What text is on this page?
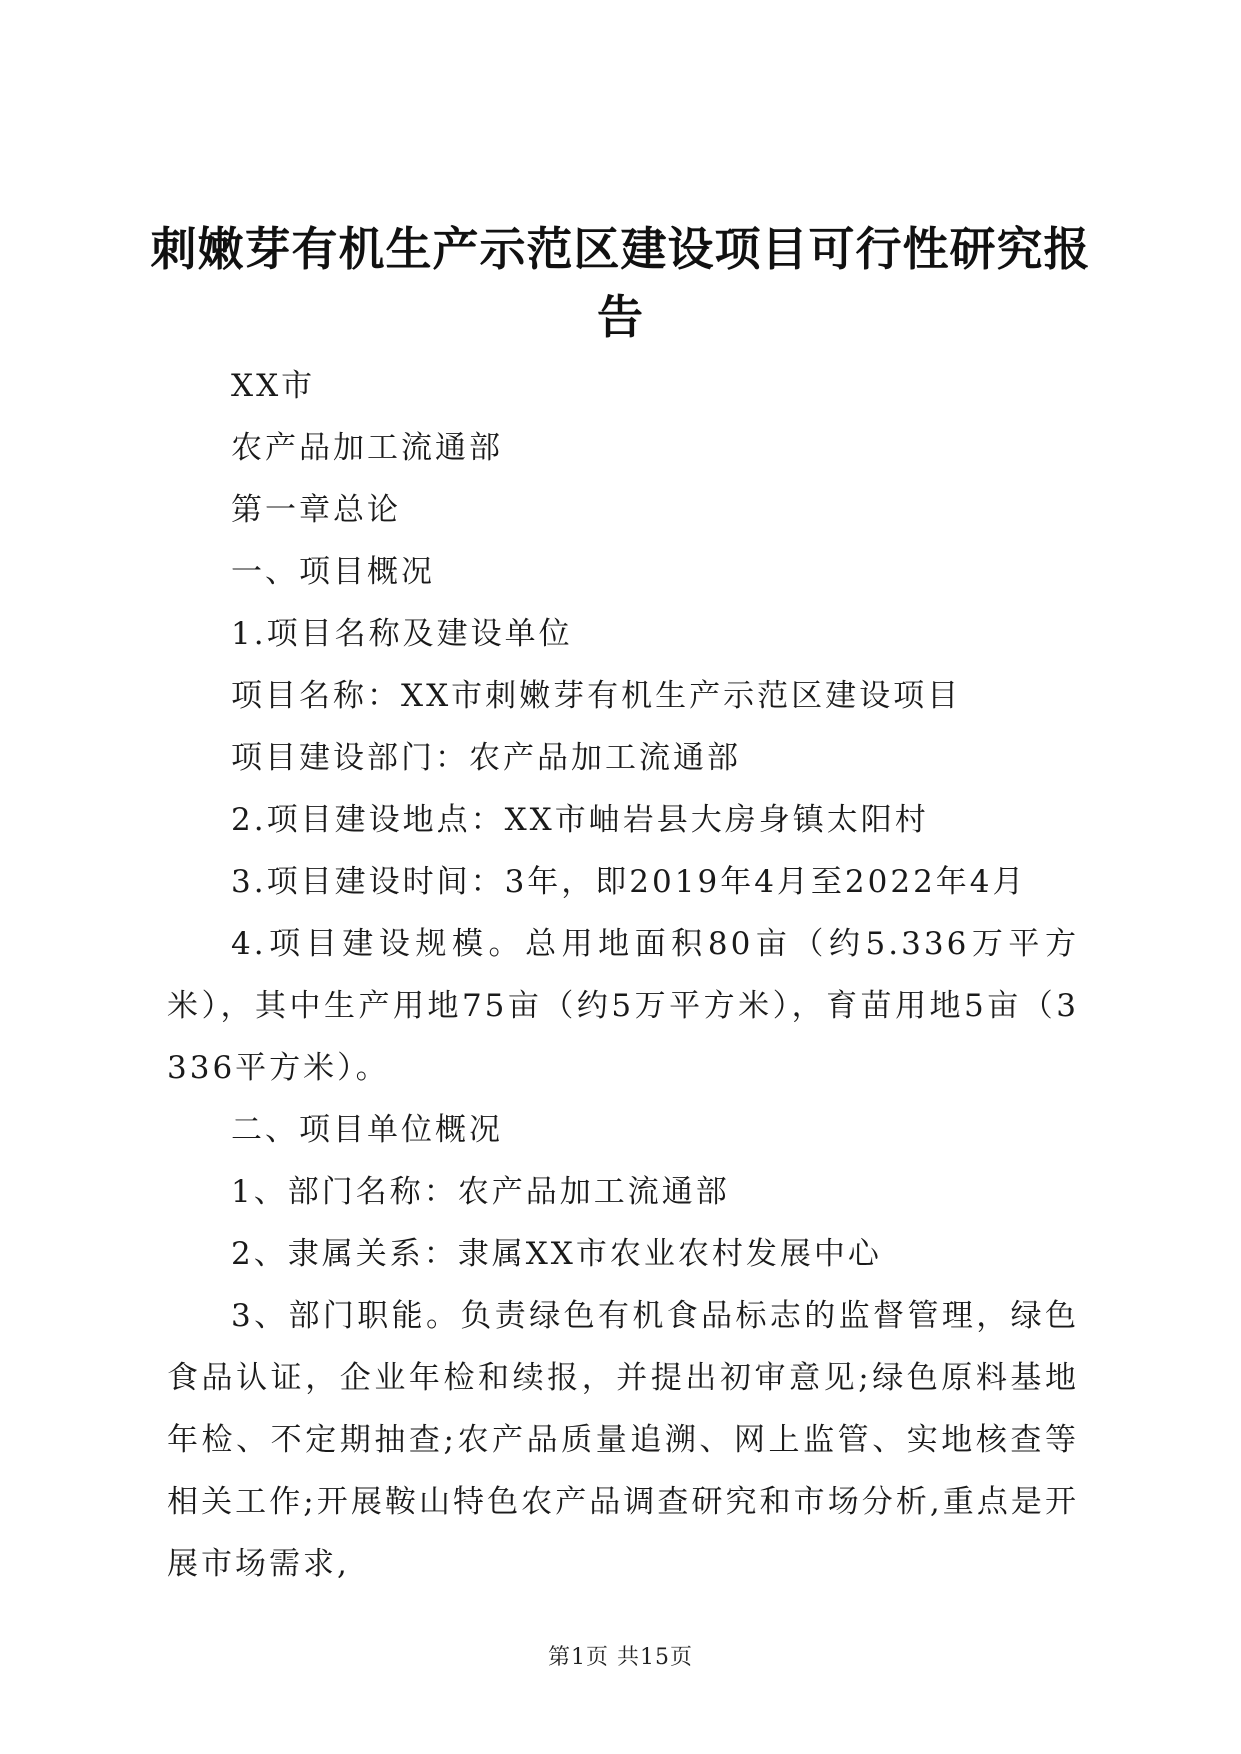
刺嫩芽有机生产示范区建设项目可行性研究报告

XX市

农产品加工流通部

第一章总论

一、项目概况

1.项目名称及建设单位

项目名称：XX市刺嫩芽有机生产示范区建设项目

项目建设部门：农产品加工流通部

2.项目建设地点：XX市岫岩县大房身镇太阳村

3.项目建设时间：3年，即2019年4月至2022年4月

4.项目建设规模。总用地面积80亩（约5.336万平方米），其中生产用地75亩（约5万平方米），育苗用地5亩（3336平方米）。

二、项目单位概况

1、部门名称：农产品加工流通部

2、隶属关系：隶属XX市农业农村发展中心

3、部门职能。负责绿色有机食品标志的监督管理，绿色食品认证，企业年检和续报，并提出初审意见;绿色原料基地年检、不定期抽查;农产品质量追溯、网上监管、实地核查等相关工作;开展鞍山特色农产品调查研究和市场分析,重点是开展市场需求,

第1页 共15页
